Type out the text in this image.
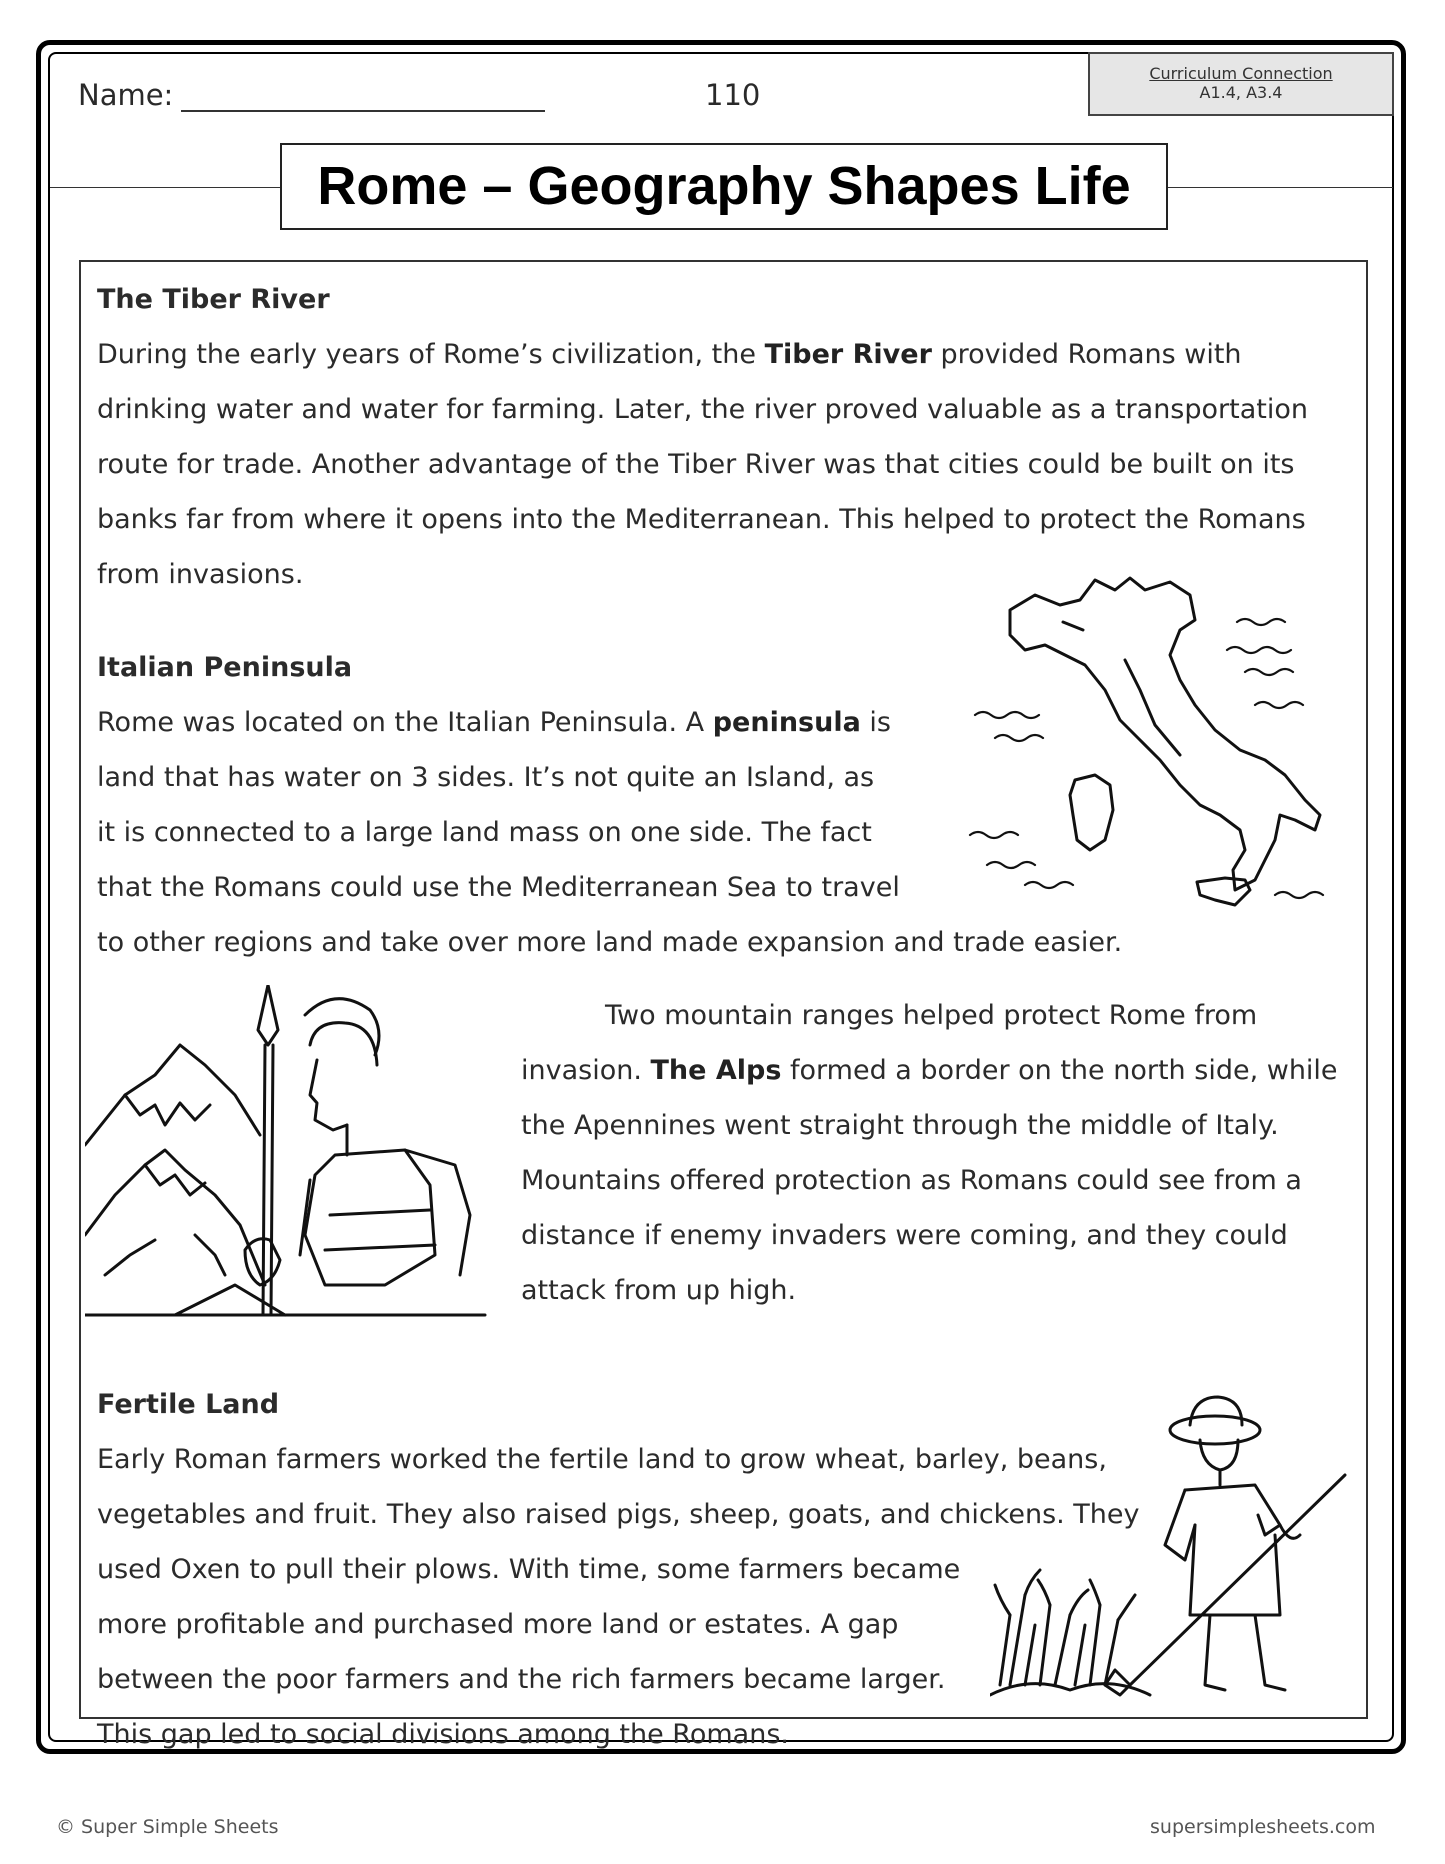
Name:	110
Curriculum Connection
A1.4, A3.4
Rome – Geography Shapes Life
The Tiber River
During the early years of Rome’s civilization, the Tiber River provided Romans with
drinking water and water for farming. Later, the river proved valuable as a transportation
route for trade. Another advantage of the Tiber River was that cities could be built on its
banks far from where it opens into the Mediterranean. This helped to protect the Romans
from invasions.
Italian Peninsula
Rome was located on the Italian Peninsula. A peninsula is
land that has water on 3 sides. It’s not quite an Island, as
it is connected to a large land mass on one side. The fact
that the Romans could use the Mediterranean Sea to travel
to other regions and take over more land made expansion and trade easier.
Two mountain ranges helped protect Rome from
invasion. The Alps formed a border on the north side, while
the Apennines went straight through the middle of Italy.
Mountains offered protection as Romans could see from a
distance if enemy invaders were coming, and they could
attack from up high.
Fertile Land
Early Roman farmers worked the fertile land to grow wheat, barley, beans,
vegetables and fruit. They also raised pigs, sheep, goats, and chickens. They
used Oxen to pull their plows. With time, some farmers became
more profitable and purchased more land or estates. A gap
between the poor farmers and the rich farmers became larger.
This gap led to social divisions among the Romans.
© Super Simple Sheets	supersimplesheets.com
